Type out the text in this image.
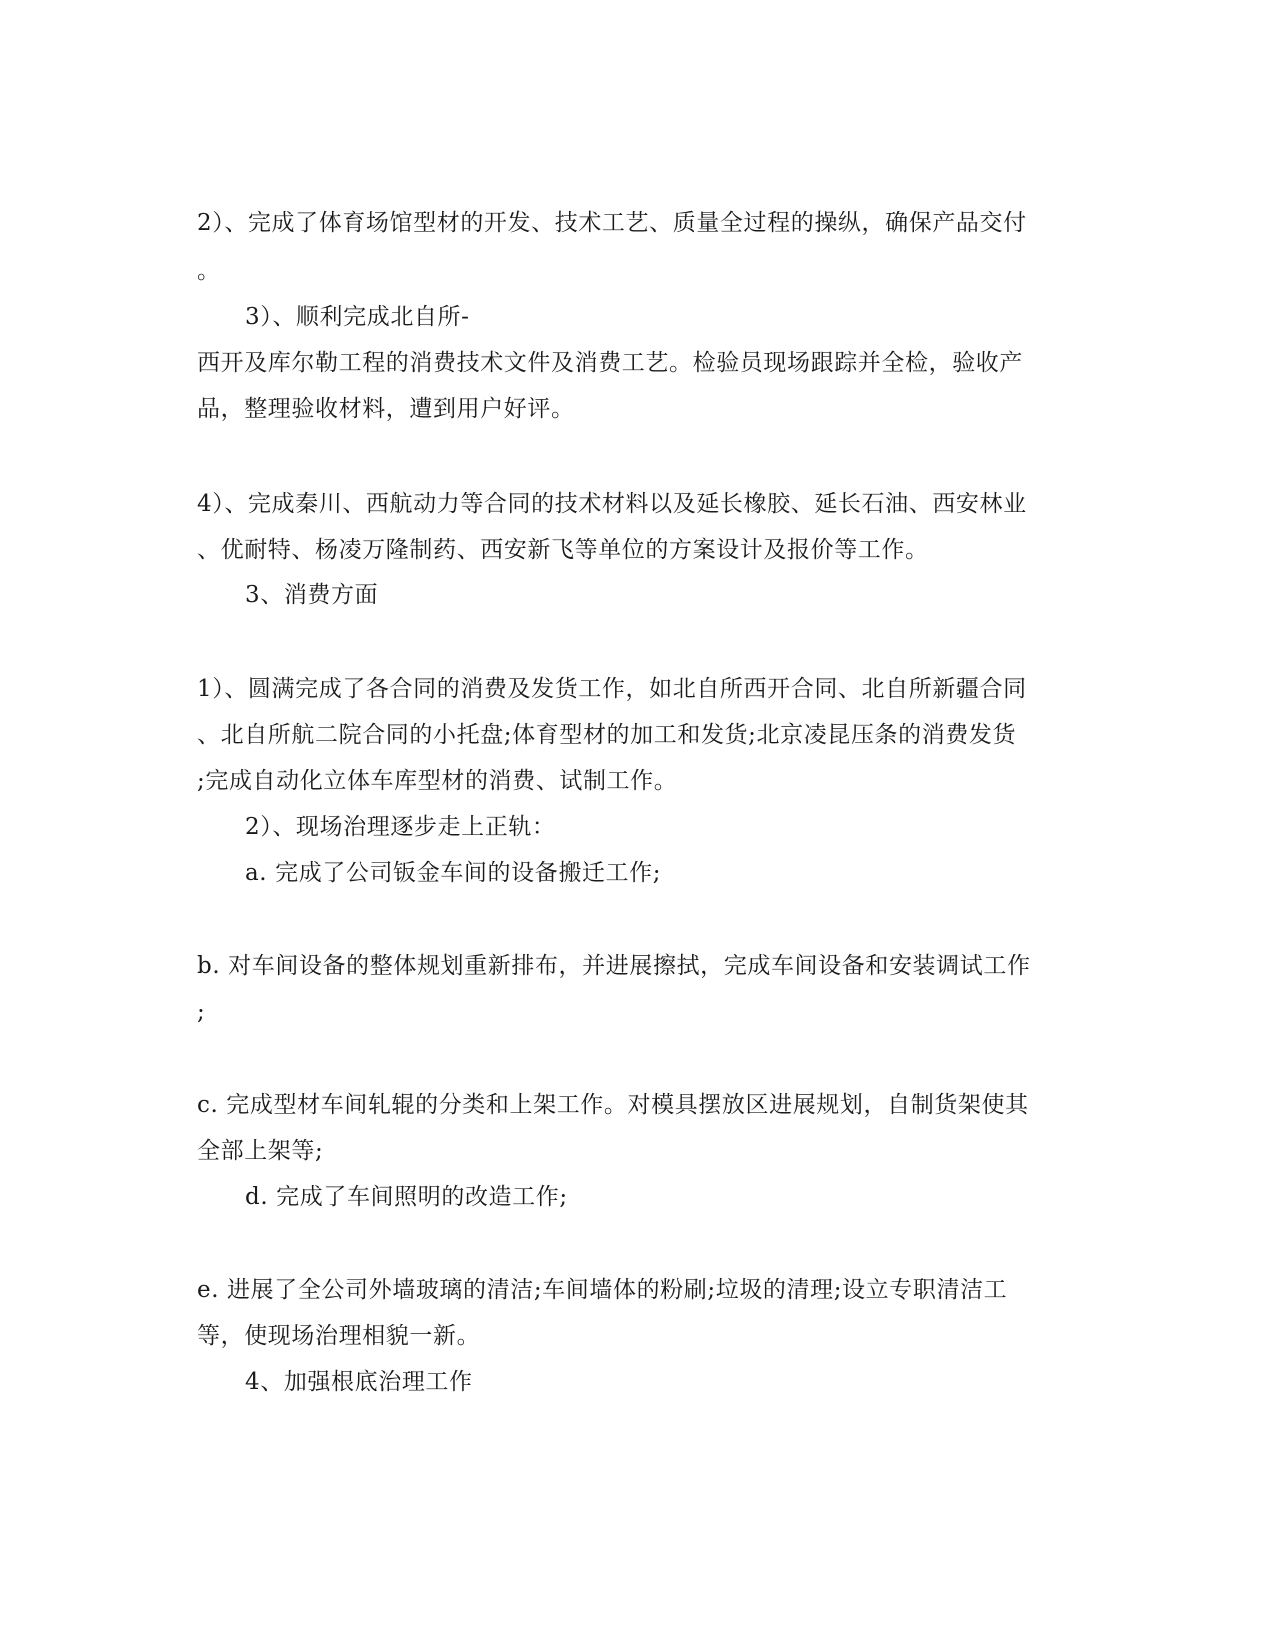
2）、完成了体育场馆型材的开发、技术工艺、质量全过程的操纵，确保产品交付
。
3）、顺利完成北自所-
西开及库尔勒工程的消费技术文件及消费工艺。检验员现场跟踪并全检，验收产
品，整理验收材料，遭到用户好评。
4）、完成秦川、西航动力等合同的技术材料以及延长橡胶、延长石油、西安林业
、优耐特、杨凌万隆制药、西安新飞等单位的方案设计及报价等工作。
3、消费方面
1）、圆满完成了各合同的消费及发货工作，如北自所西开合同、北自所新疆合同
、北自所航二院合同的小托盘;体育型材的加工和发货;北京凌昆压条的消费发货
;完成自动化立体车库型材的消费、试制工作。
2）、现场治理逐步走上正轨：
a. 完成了公司钣金车间的设备搬迁工作;
b. 对车间设备的整体规划重新排布，并进展擦拭，完成车间设备和安装调试工作
;
c. 完成型材车间轧辊的分类和上架工作。对模具摆放区进展规划，自制货架使其
全部上架等;
d. 完成了车间照明的改造工作;
e. 进展了全公司外墙玻璃的清洁;车间墙体的粉刷;垃圾的清理;设立专职清洁工
等，使现场治理相貌一新。
4、加强根底治理工作
